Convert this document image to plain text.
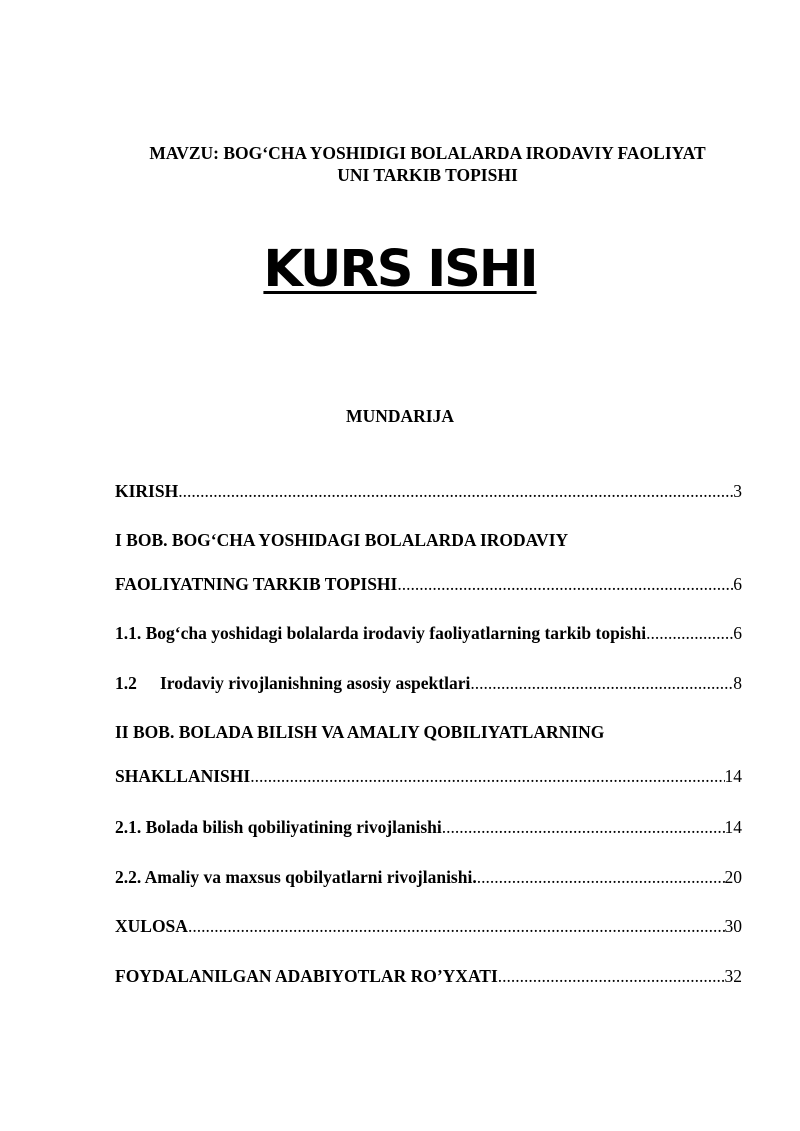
MAVZU: BOG‘CHA YOSHIDIGI BOLALARDA IRODAVIY FAOLIYAT
UNI TARKIB TOPISHI
KURS ISHI
MUNDARIJA
KIRISH .....	3
I BOB. BOG‘CHA YOSHIDAGI BOLALARDA IRODAVIY
FAOLIYATNING TARKIB TOPISHI .....	6
1.1. Bog‘cha yoshidagi bolalarda irodaviy faoliyatlarning tarkib topishi .....	6
1.2 Irodaviy rivojlanishning asosiy aspektlari .....	8
II BOB. BOLADA BILISH VA AMALIY QOBILIYATLARNING
SHAKLLANISHI .....	14
2.1. Bolada bilish qobiliyatining rivojlanishi .....	14
2.2. Amaliy va maxsus qobilyatlarni rivojlanishi. .....	20
XULOSA .....	30
FOYDALANILGAN ADABIYOTLAR RO’YXATI .....	32
